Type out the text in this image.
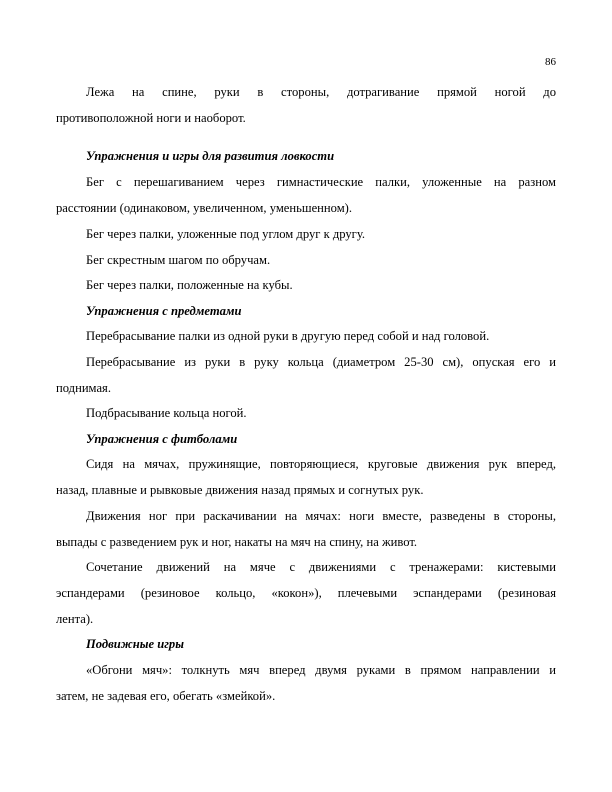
86
Лежа на спине, руки в стороны, дотрагивание прямой ногой до
противоположной ноги и наоборот.
Упражнения и игры для развития ловкости
Бег с перешагиванием через гимнастические палки, уложенные на разном
расстоянии (одинаковом, увеличенном, уменьшенном).
Бег через палки, уложенные под углом друг к другу.
Бег скрестным шагом по обручам.
Бег через палки, положенные на кубы.
Упражнения с предметами
Перебрасывание палки из одной руки в другую перед собой и над головой.
Перебрасывание из руки в руку кольца (диаметром 25-30 см), опуская его и
поднимая.
Подбрасывание кольца ногой.
Упражнения с фитболами
Сидя на мячах, пружинящие, повторяющиеся, круговые движения рук вперед,
назад, плавные и рывковые движения назад прямых и согнутых рук.
Движения ног при раскачивании на мячах: ноги вместе, разведены в стороны,
выпады с разведением рук и ног, накаты на мяч на спину, на живот.
Сочетание движений на мяче с движениями с тренажерами: кистевыми
эспандерами (резиновое кольцо, «кокон»), плечевыми эспандерами (резиновая
лента).
Подвижные игры
«Обгони мяч»: толкнуть мяч вперед двумя руками в прямом направлении и
затем, не задевая его, обегать «змейкой».
